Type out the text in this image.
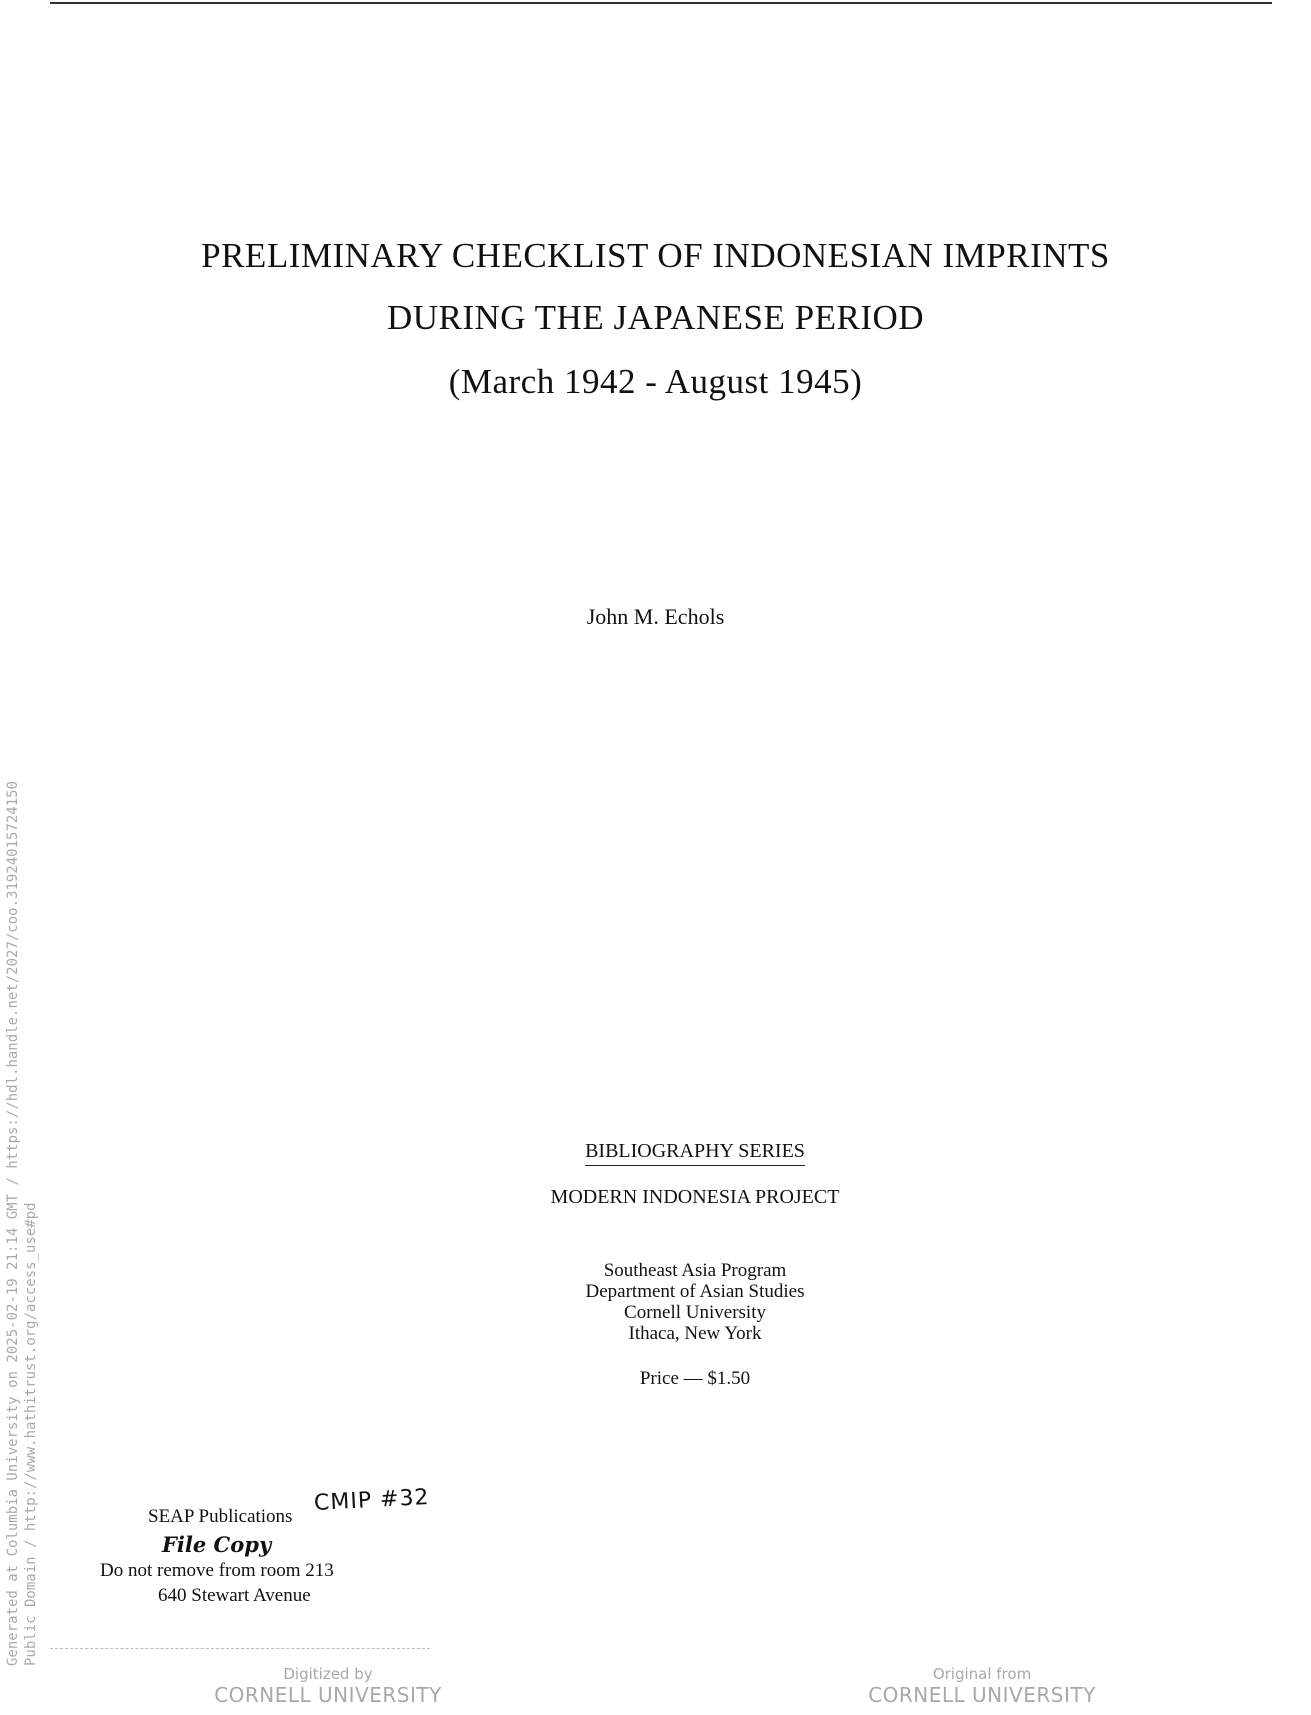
PRELIMINARY CHECKLIST OF INDONESIAN IMPRINTS
DURING THE JAPANESE PERIOD
(March 1942 - August 1945)
John M. Echols
BIBLIOGRAPHY SERIES
MODERN INDONESIA PROJECT
Southeast Asia Program
Department of Asian Studies
Cornell University
Ithaca, New York
Price — $1.50
SEAP Publications
CMIP #32
File Copy
Do not remove from room 213
640 Stewart Avenue
Generated at Columbia University on 2025-02-19 21:14 GMT / https://hdl.handle.net/2027/coo.31924015724150 Public Domain / http://www.hathitrust.org/access_use#pd
Digitized by
CORNELL UNIVERSITY
Original from
CORNELL UNIVERSITY
